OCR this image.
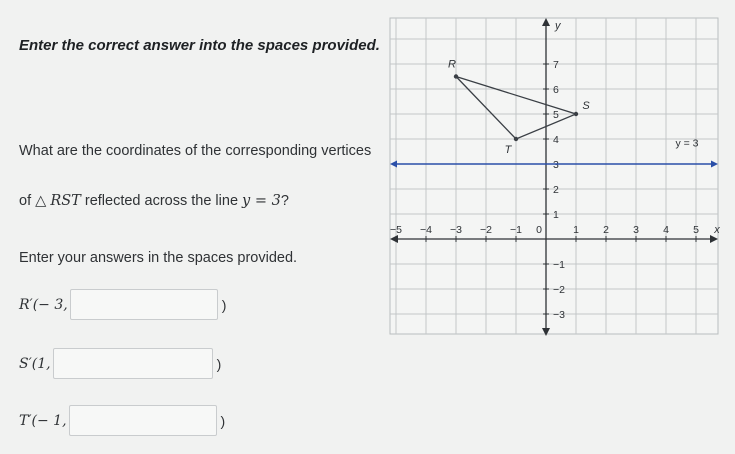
Enter the correct answer into the spaces provided.
What are the coordinates of the corresponding vertices
of △ RST reflected across the line y = 3?
Enter your answers in the spaces provided.
R′(− 3,	)
S′(1,	)
T′(− 1,	)
−5 −4 −3 −2 −1	1 2 3 4 5 x
0
7
6
5
4
3
2
1
−1
−2
−3
y
y = 3
R
S
T
